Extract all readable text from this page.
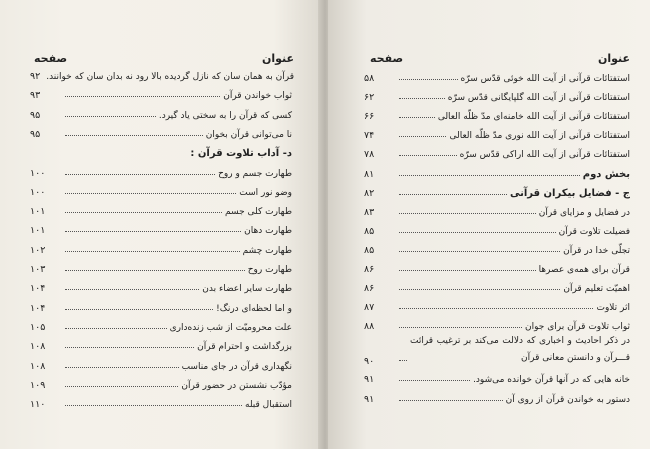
عنوان
صفحه
۹۲ قرآن به همان سان که نازل گردیده بالا رود نه بدان سان که خوانند.
۹۳	ثواب خواندن قرآن
۹۵	کسی که قرآن را به سختی یاد گیرد.
۹۵	نا می‌توانی قرآن بخوان
د- آداب تلاوت قرآن :
۱۰۰	طهارت جسم و روح
۱۰۰	وضو نور است
۱۰۱	طهارت کلی جسم
۱۰۱	طهارت دهان
۱۰۲	طهارت چشم
۱۰۳	طهارت روح
۱۰۴	طهارت سایر اعضاء بدن
۱۰۴	و اما لحظه‌ای درنگ!
۱۰۵	علت محرومیّت از شب زنده‌داری
۱۰۸	بزرگداشت و احترام قرآن
۱۰۸	نگهداری قرآن در جای مناسب
۱۰۹	مؤدّب نشستن در حضور قرآن
۱۱۰	استقبال قبله
عنوان
صفحه
۵۸	استفتائات قرآنی از آیت الله خوئی قدّس سرّه
۶۲	استفتائات قرآنی از آیت الله گلپایگانی قدّس سرّه
۶۶	استفتائات قرآنی از آیت الله خامنه‌ای مدّ ظلّه العالی
۷۴	استفتائات قرآنی از آیت الله نوری مدّ ظلّه العالی
۷۸	استفتائات قرآنی از آیت الله اراکی قدّس سرّه
۸۱	بخش دوم
۸۲	ج - فضایل بیکران قرآنی
۸۳	در فضایل و مزایای قرآن
۸۵	فضیلت تلاوت قرآن
۸۵	تجلّی خدا در قرآن
۸۶	قرآن برای همه‌ی عصرها
۸۶	اهمیّت تعلیم قرآن
۸۷	اثر تلاوت
۸۸	ثواب تلاوت قرآن برای جوان
۹۰
در ذکر احادیث و اخباری که دلالت می‌کند بر ترغیب قرائت قـــرآن و دانستن معانی قرآن
۹۱	خانه هایی که در آنها قرآن خوانده می‌شود.
۹۱	دستور به خواندن قرآن از روی آن
